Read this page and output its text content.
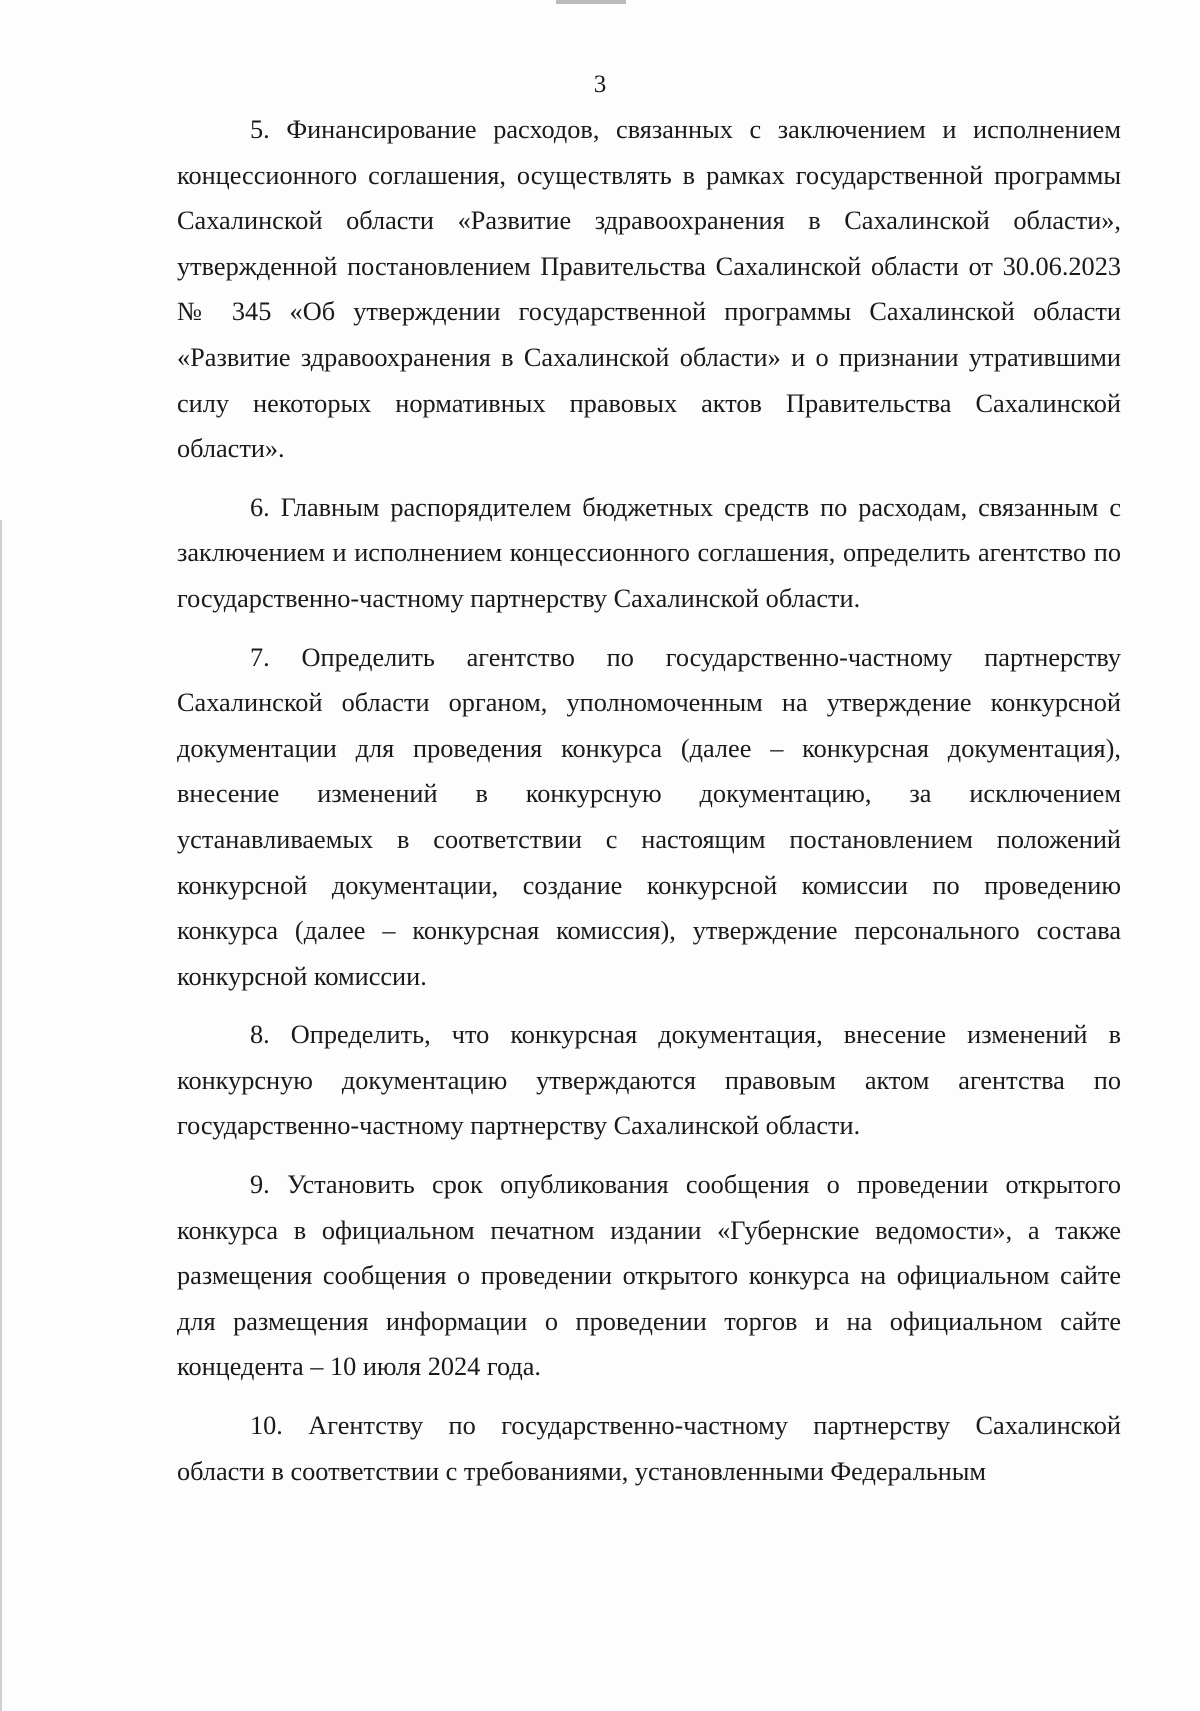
3

5. Финансирование расходов, связанных с заключением и исполнением концессионного соглашения, осуществлять в рамках государственной программы Сахалинской области «Развитие здравоохранения в Сахалинской области», утвержденной постановлением Правительства Сахалинской области от 30.06.2023 № 345 «Об утверждении государственной программы Сахалинской области «Развитие здравоохранения в Сахалинской области» и о признании утратившими силу некоторых нормативных правовых актов Правительства Сахалинской области».

6. Главным распорядителем бюджетных средств по расходам, связанным с заключением и исполнением концессионного соглашения, определить агентство по государственно-частному партнерству Сахалинской области.

7. Определить агентство по государственно-частному партнерству Сахалинской области органом, уполномоченным на утверждение конкурсной документации для проведения конкурса (далее – конкурсная документация), внесение изменений в конкурсную документацию, за исключением устанавливаемых в соответствии с настоящим постановлением положений конкурсной документации, создание конкурсной комиссии по проведению конкурса (далее – конкурсная комиссия), утверждение персонального состава конкурсной комиссии.

8. Определить, что конкурсная документация, внесение изменений в конкурсную документацию утверждаются правовым актом агентства по государственно-частному партнерству Сахалинской области.

9. Установить срок опубликования сообщения о проведении открытого конкурса в официальном печатном издании «Губернские ведомости», а также размещения сообщения о проведении открытого конкурса на официальном сайте для размещения информации о проведении торгов и на официальном сайте концедента – 10 июля 2024 года.

10. Агентству по государственно-частному партнерству Сахалинской области в соответствии с требованиями, установленными Федеральным
